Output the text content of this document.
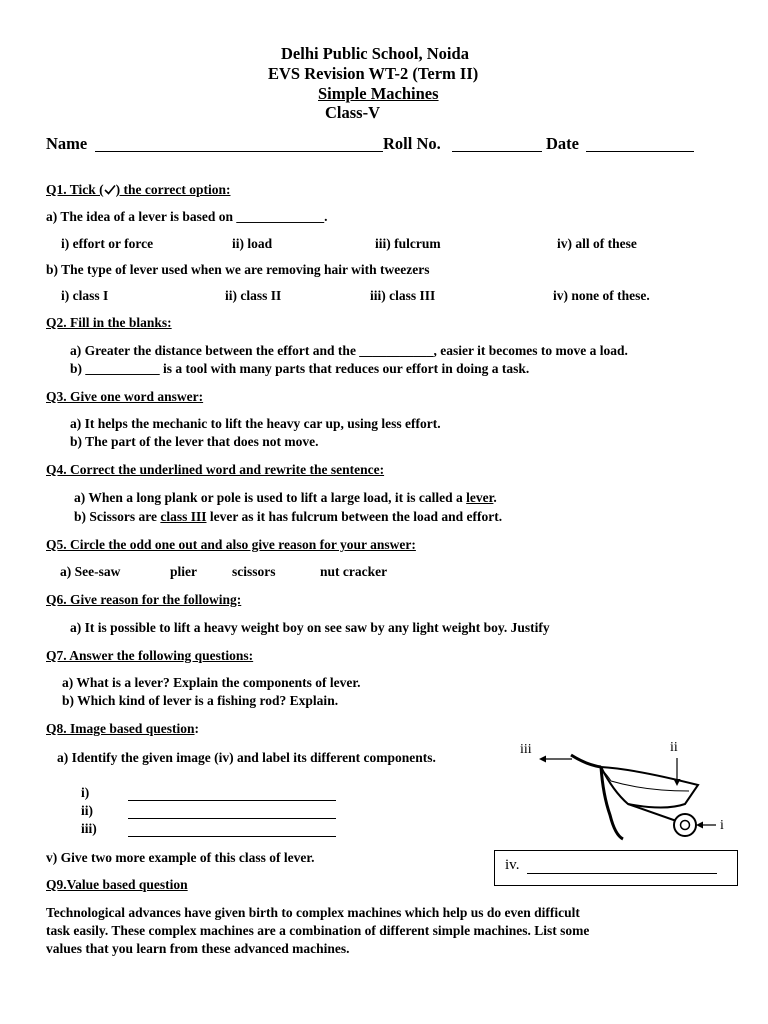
Delhi Public School, Noida
EVS Revision WT-2 (Term II)
Simple Machines
Class-V
Name	Roll No.	Date
Q1. Tick ( ) the correct option:
a) The idea of a lever is based on _____________.
i) effort or force	ii) load	iii) fulcrum	iv) all of these
b) The type of lever used when we are removing hair with tweezers
i) class I	ii) class II	iii) class III	iv) none of these.
Q2. Fill in the blanks:
a) Greater the distance between the effort and the ___________, easier it becomes to move a load.
b) ___________ is a tool with many parts that reduces our effort in doing a task.
Q3. Give one word answer:
a) It helps the mechanic to lift the heavy car up, using less effort.
b) The part of the lever that does not move.
Q4. Correct the underlined word and rewrite the sentence:
a) When a long plank or pole is used to lift a large load, it is called a lever.
b) Scissors are class III lever as it has fulcrum between the load and effort.
Q5. Circle the odd one out and also give reason for your answer:
a) See-saw	plier	scissors	nut cracker
Q6. Give reason for the following:
a) It is possible to lift a heavy weight boy on see saw by any light weight boy. Justify
Q7. Answer the following questions:
a) What is a lever? Explain the components of lever.
b) Which kind of lever is a fishing rod? Explain.
Q8. Image based question:
a) Identify the given image (iv) and label its different components.
i)
ii)
iii)
v) Give two more example of this class of lever.
iii	ii
i
iv.
Q9.Value based question
Technological advances have given birth to complex machines which help us do even difficult
task easily. These complex machines are a combination of different simple machines. List some
values that you learn from these advanced machines.
